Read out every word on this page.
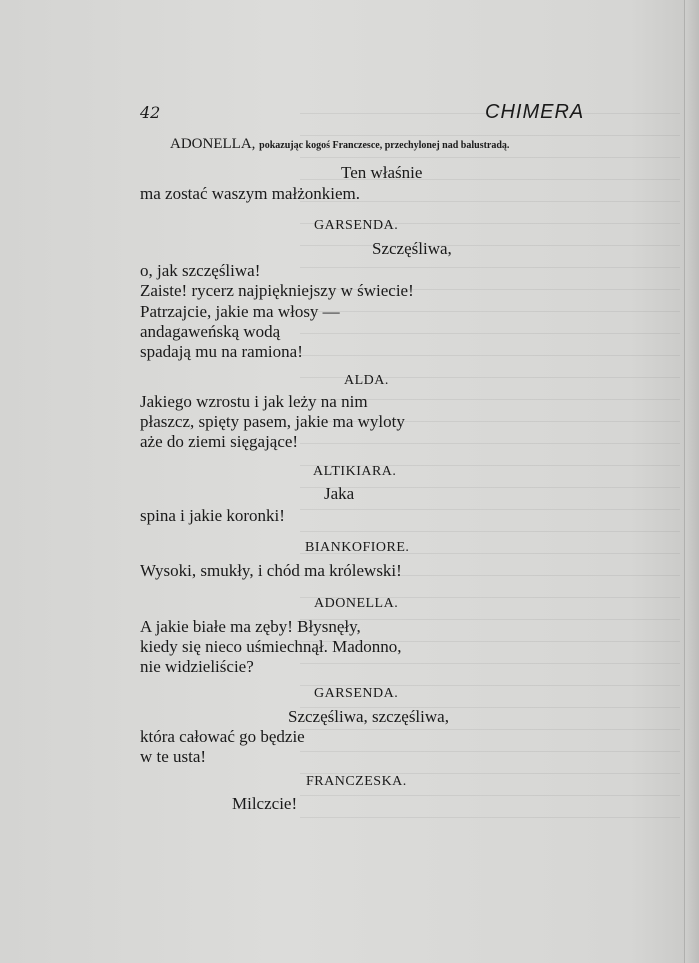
42	CHIMERA
ADONELLA, pokazując kogoś Franczesce, przechylonej nad balustradą.
Ten właśnie
ma zostać waszym małżonkiem.
GARSENDA.
Szczęśliwa,
o, jak szczęśliwa!
Zaiste! rycerz najpiękniejszy w świecie!
Patrzajcie, jakie ma włosy —
andagaweńską wodą
spadają mu na ramiona!
ALDA.
Jakiego wzrostu i jak leży na nim
płaszcz, spięty pasem, jakie ma wyloty
aże do ziemi sięgające!
ALTIKIARA.
Jaka
spina i jakie koronki!
BIANKOFIORE.
Wysoki, smukły, i chód ma królewski!
ADONELLA.
A jakie białe ma zęby! Błysnęły,
kiedy się nieco uśmiechnął. Madonno,
nie widzieliście?
GARSENDA.
Szczęśliwa, szczęśliwa,
która całować go będzie
w te usta!
FRANCZESKA.
Milczcie!
